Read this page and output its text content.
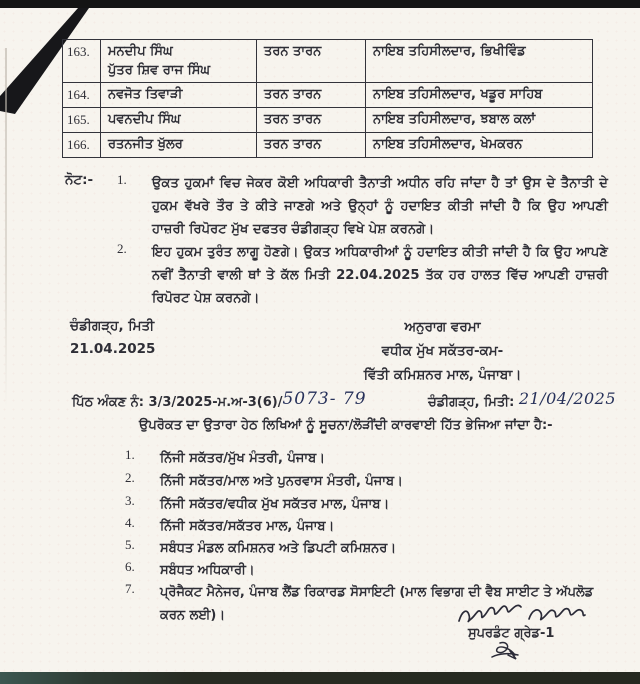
163.	ਮਨਦੀਪ ਸਿੰਘ
ਪੁੱਤਰ ਸ਼ਿਵ ਰਾਜ ਸਿੰਘ	ਤਰਨ ਤਾਰਨ	ਨਾਇਬ ਤਹਿਸੀਲਦਾਰ, ਭਿਖੀਵਿੰਡ
164.	ਨਵਜੋਤ ਤਿਵਾੜੀ	ਤਰਨ ਤਾਰਨ	ਨਾਇਬ ਤਹਿਸੀਲਦਾਰ, ਖਡੂਰ ਸਾਹਿਬ
165.	ਪਵਨਦੀਪ ਸਿੰਘ	ਤਰਨ ਤਾਰਨ	ਨਾਇਬ ਤਹਿਸੀਲਦਾਰ, ਝਬਾਲ ਕਲਾਂ
166.	ਰਤਨਜੀਤ ਖੁੱਲਰ	ਤਰਨ ਤਾਰਨ	ਨਾਇਬ ਤਹਿਸੀਲਦਾਰ, ਖੇਮਕਰਨ
ਨੋਟ:- 1. ਉਕਤ ਹੁਕਮਾਂ ਵਿਚ ਜੇਕਰ ਕੋਈ ਅਧਿਕਾਰੀ ਤੈਨਾਤੀ ਅਧੀਨ ਰਹਿ ਜਾਂਦਾ ਹੈ ਤਾਂ ਉਸ ਦੇ ਤੈਨਾਤੀ ਦੇ ਹੁਕਮ ਵੱਖਰੇ ਤੌਰ ਤੇ ਕੀਤੇ ਜਾਣਗੇ ਅਤੇ ਉਨ੍ਹਾਂ ਨੂੰ ਹਦਾਇਤ ਕੀਤੀ ਜਾਂਦੀ ਹੈ ਕਿ ਉਹ ਆਪਣੀ ਹਾਜ਼ਰੀ ਰਿਪੋਰਟ ਮੁੱਖ ਦਫਤਰ ਚੰਡੀਗੜ੍ਹ ਵਿਖੇ ਪੇਸ਼ ਕਰਨਗੇ।
2. ਇਹ ਹੁਕਮ ਤੁਰੰਤ ਲਾਗੂ ਹੋਣਗੇ। ਉਕਤ ਅਧਿਕਾਰੀਆਂ ਨੂੰ ਹਦਾਇਤ ਕੀਤੀ ਜਾਂਦੀ ਹੈ ਕਿ ਉਹ ਆਪਣੇ ਨਵੀਂ ਤੈਨਾਤੀ ਵਾਲੀ ਥਾਂ ਤੇ ਕੱਲ ਮਿਤੀ 22.04.2025 ਤੱਕ ਹਰ ਹਾਲਤ ਵਿੱਚ ਆਪਣੀ ਹਾਜ਼ਰੀ ਰਿਪੋਰਟ ਪੇਸ਼ ਕਰਨਗੇ।
ਚੰਡੀਗੜ੍ਹ, ਮਿਤੀ
21.04.2025
ਅਨੁਰਾਗ ਵਰਮਾ
ਵਧੀਕ ਮੁੱਖ ਸਕੱਤਰ-ਕਮ-
ਵਿੱਤੀ ਕਮਿਸ਼ਨਰ ਮਾਲ, ਪੰਜਾਬਾ।
ਪਿੱਠ ਅੰਕਣ ਨੰ: 3/3/2025-ਮ.ਅ-3(6)/5073- 79	ਚੰਡੀਗੜ੍ਹ, ਮਿਤੀ: 21/04/2025
ਉਪਰੋਕਤ ਦਾ ਉਤਾਰਾ ਹੇਠ ਲਿਖਿਆਂ ਨੂੰ ਸੂਚਨਾ/ਲੋੜੀਂਦੀ ਕਾਰਵਾਈ ਹਿੱਤ ਭੇਜਿਆ ਜਾਂਦਾ ਹੈ:-
1. ਨਿੱਜੀ ਸਕੱਤਰ/ਮੁੱਖ ਮੰਤਰੀ, ਪੰਜਾਬ।
2. ਨਿੱਜੀ ਸਕੱਤਰ/ਮਾਲ ਅਤੇ ਪੁਨਰਵਾਸ ਮੰਤਰੀ, ਪੰਜਾਬ।
3. ਨਿੱਜੀ ਸਕੱਤਰ/ਵਧੀਕ ਮੁੱਖ ਸਕੱਤਰ ਮਾਲ, ਪੰਜਾਬ।
4. ਨਿੱਜੀ ਸਕੱਤਰ/ਸਕੱਤਰ ਮਾਲ, ਪੰਜਾਬ।
5. ਸਬੰਧਤ ਮੰਡਲ ਕਮਿਸ਼ਨਰ ਅਤੇ ਡਿਪਟੀ ਕਮਿਸ਼ਨਰ।
6. ਸਬੰਧਤ ਅਧਿਕਾਰੀ।
7. ਪ੍ਰੋਜੈਕਟ ਮੈਨੇਜਰ, ਪੰਜਾਬ ਲੈਂਡ ਰਿਕਾਰਡ ਸੋਸਾਇਟੀ (ਮਾਲ ਵਿਭਾਗ ਦੀ ਵੈਬ ਸਾਈਟ ਤੇ ਅੱਪਲੋਡ ਕਰਨ ਲਈ)।
ਸੁਪਰਡੰਟ ਗ੍ਰੇਡ-1
